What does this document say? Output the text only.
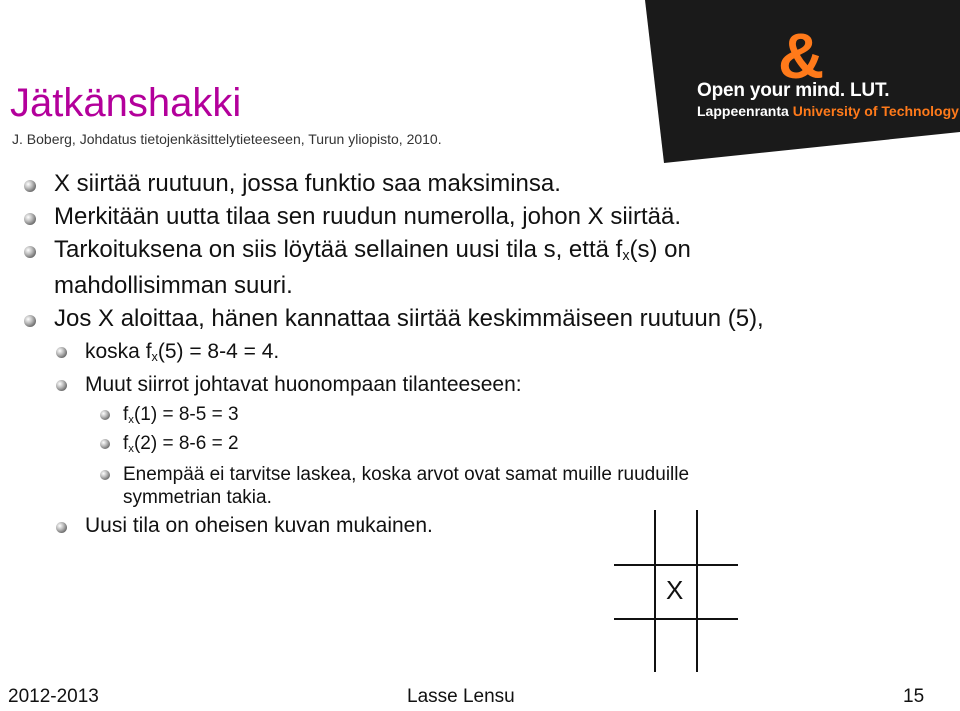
&
Open your mind. LUT.
Lappeenranta University of Technology
Jätkänshakki
J. Boberg, Johdatus tietojenkäsittelytieteeseen, Turun yliopisto, 2010.
X siirtää ruutuun, jossa funktio saa maksiminsa.
Merkitään uutta tilaa sen ruudun numerolla, johon X siirtää.
Tarkoituksena on siis löytää sellainen uusi tila s, että $f_x(s)$ on
mahdollisimman suuri.
Jos X aloittaa, hänen kannattaa siirtää keskimmäiseen ruutuun (5),
koska $f_x(5) = 8-4 = 4$.
Muut siirrot johtavat huonompaan tilanteeseen:
$f_x(1) = 8-5 = 3$
$f_x(2) = 8-6 = 2$
Enempää ei tarvitse laskea, koska arvot ovat samat muille ruuduille
symmetrian takia.
Uusi tila on oheisen kuvan mukainen.
X
2012-2013	Lasse Lensu	15
